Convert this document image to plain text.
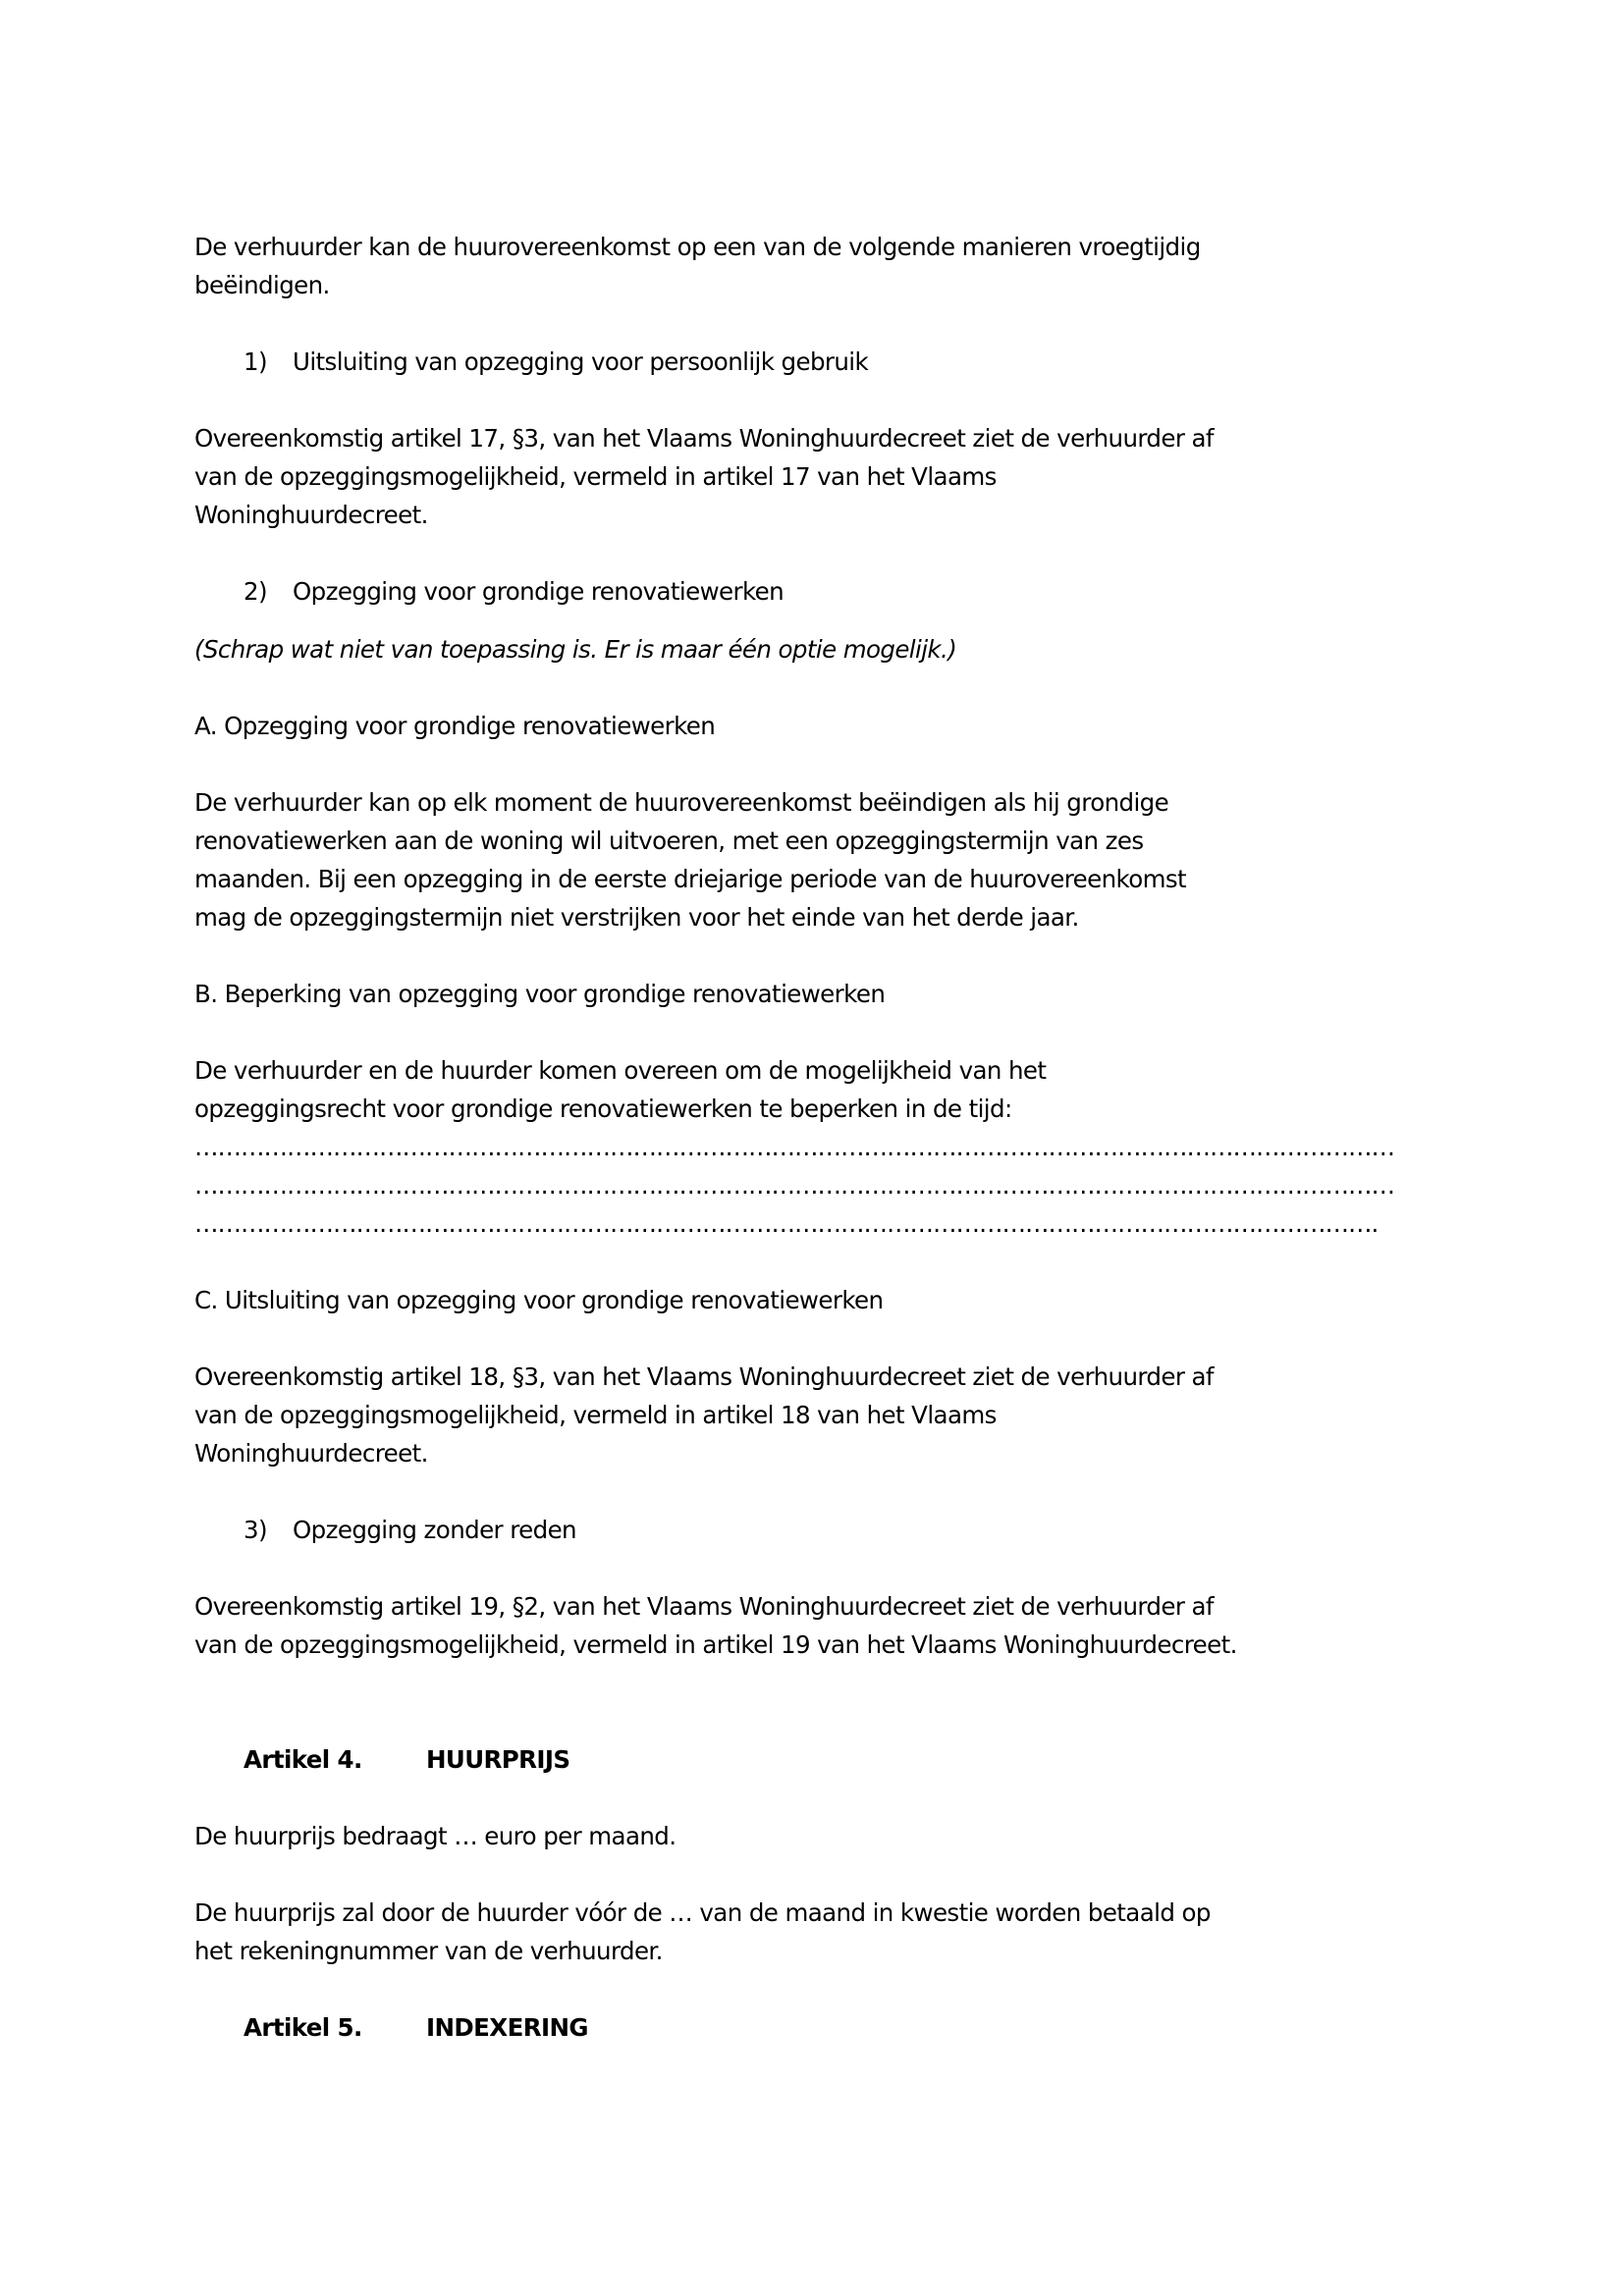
De verhuurder kan de huurovereenkomst op een van de volgende manieren vroegtijdig
beëindigen.

1) Uitsluiting van opzegging voor persoonlijk gebruik

Overeenkomstig artikel 17, §3, van het Vlaams Woninghuurdecreet ziet de verhuurder af
van de opzeggingsmogelijkheid, vermeld in artikel 17 van het Vlaams
Woninghuurdecreet.

2) Opzegging voor grondige renovatiewerken

(Schrap wat niet van toepassing is. Er is maar één optie mogelijk.)

A. Opzegging voor grondige renovatiewerken

De verhuurder kan op elk moment de huurovereenkomst beëindigen als hij grondige
renovatiewerken aan de woning wil uitvoeren, met een opzeggingstermijn van zes
maanden. Bij een opzegging in de eerste driejarige periode van de huurovereenkomst
mag de opzeggingstermijn niet verstrijken voor het einde van het derde jaar.

B. Beperking van opzegging voor grondige renovatiewerken

De verhuurder en de huurder komen overeen om de mogelijkheid van het
opzeggingsrecht voor grondige renovatiewerken te beperken in de tijd:
…………………………………………………………………………………………………………………………………………
…………………………………………………………………………………………………………………………………………
……………………………………………………………………………………………………………………………………….

C. Uitsluiting van opzegging voor grondige renovatiewerken

Overeenkomstig artikel 18, §3, van het Vlaams Woninghuurdecreet ziet de verhuurder af
van de opzeggingsmogelijkheid, vermeld in artikel 18 van het Vlaams
Woninghuurdecreet.

3) Opzegging zonder reden

Overeenkomstig artikel 19, §2, van het Vlaams Woninghuurdecreet ziet de verhuurder af
van de opzeggingsmogelijkheid, vermeld in artikel 19 van het Vlaams Woninghuurdecreet.

Artikel 4.	HUURPRIJS

De huurprijs bedraagt … euro per maand.

De huurprijs zal door de huurder vóór de … van de maand in kwestie worden betaald op
het rekeningnummer van de verhuurder.

Artikel 5.	INDEXERING
